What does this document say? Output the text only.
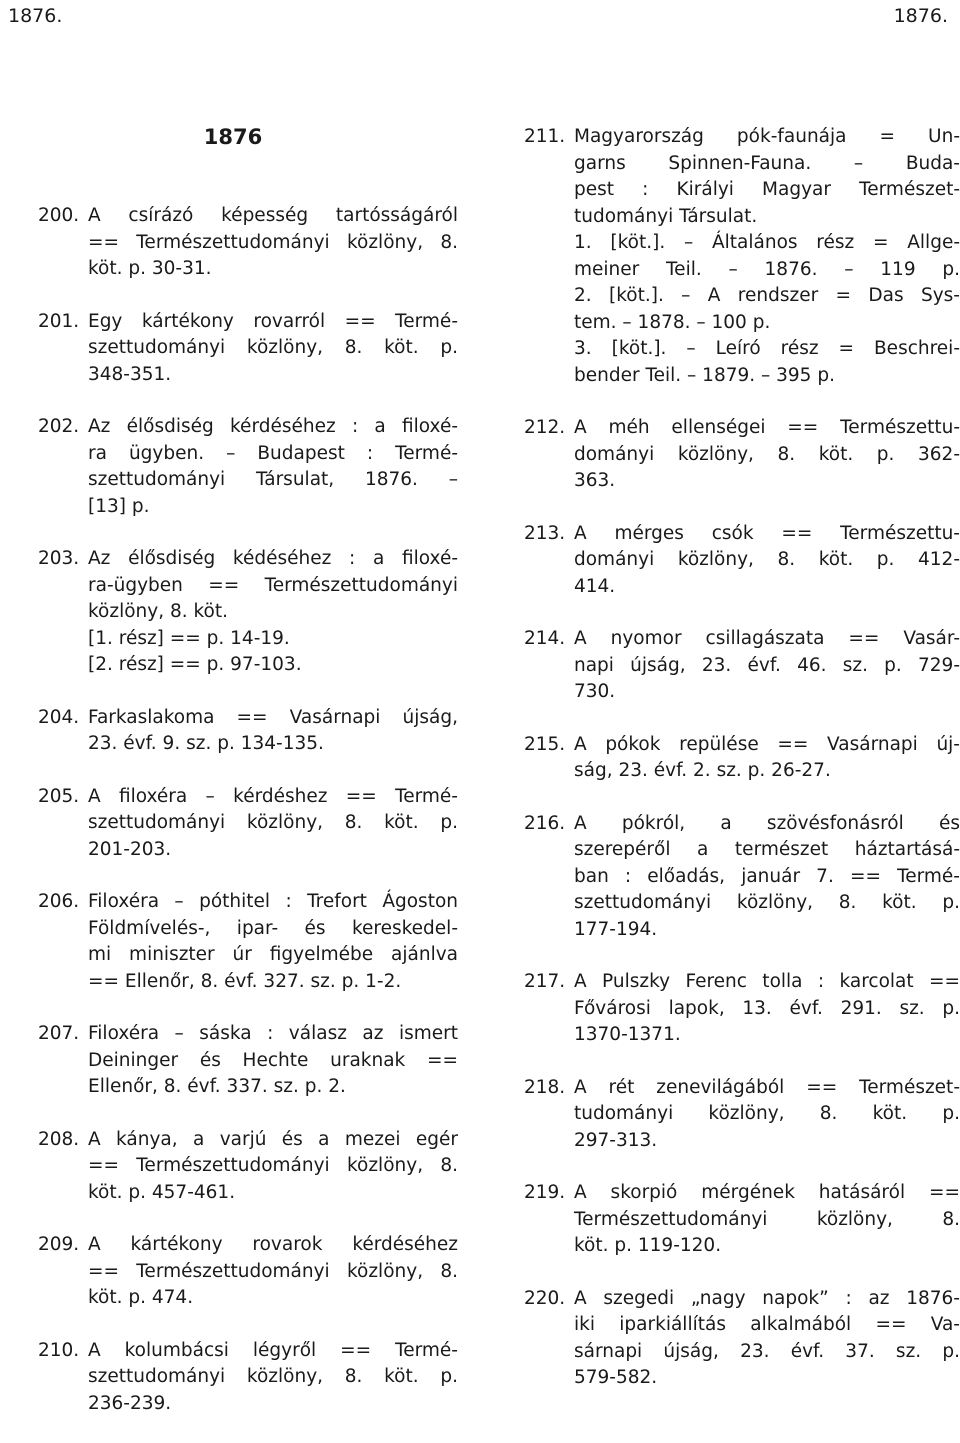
1876.	1876.
1876
200. A csírázó képesség tartósságáról
== Természettudományi közlöny, 8.
köt. p. 30-31.
201. Egy kártékony rovarról == Termé-
szettudományi közlöny, 8. köt. p.
348-351.
202. Az élősdiség kérdéséhez : a filoxé-
ra ügyben. – Budapest : Termé-
szettudományi Társulat, 1876. –
[13] p.
203. Az élősdiség kédéséhez : a filoxé-
ra-ügyben == Természettudományi
közlöny, 8. köt.
[1. rész] == p. 14-19.
[2. rész] == p. 97-103.
204. Farkaslakoma == Vasárnapi újság,
23. évf. 9. sz. p. 134-135.
205. A filoxéra – kérdéshez == Termé-
szettudományi közlöny, 8. köt. p.
201-203.
206. Filoxéra – póthitel : Trefort Ágoston
Földmívelés-, ipar- és kereskedel-
mi miniszter úr figyelmébe ajánlva
== Ellenőr, 8. évf. 327. sz. p. 1-2.
207. Filoxéra – sáska : válasz az ismert
Deininger és Hechte uraknak ==
Ellenőr, 8. évf. 337. sz. p. 2.
208. A kánya, a varjú és a mezei egér
== Természettudományi közlöny, 8.
köt. p. 457-461.
209. A kártékony rovarok kérdéséhez
== Természettudományi közlöny, 8.
köt. p. 474.
210. A kolumbácsi légyről == Termé-
szettudományi közlöny, 8. köt. p.
236-239.
211. Magyarország pók-faunája = Un-
garns Spinnen-Fauna. – Buda-
pest : Királyi Magyar Természet-
tudományi Társulat.
1. [köt.]. – Általános rész = Allge-
meiner Teil. – 1876. – 119 p.
2. [köt.]. – A rendszer = Das Sys-
tem. – 1878. – 100 p.
3. [köt.]. – Leíró rész = Beschrei-
bender Teil. – 1879. – 395 p.
212. A méh ellenségei == Természettu-
dományi közlöny, 8. köt. p. 362-
363.
213. A mérges csók == Természettu-
dományi közlöny, 8. köt. p. 412-
414.
214. A nyomor csillagászata == Vasár-
napi újság, 23. évf. 46. sz. p. 729-
730.
215. A pókok repülése == Vasárnapi új-
ság, 23. évf. 2. sz. p. 26-27.
216. A pókról, a szövésfonásról és
szerepéről a természet háztartásá-
ban : előadás, január 7. == Termé-
szettudományi közlöny, 8. köt. p.
177-194.
217. A Pulszky Ferenc tolla : karcolat ==
Fővárosi lapok, 13. évf. 291. sz. p.
1370-1371.
218. A rét zenevilágából == Természet-
tudományi közlöny, 8. köt. p.
297-313.
219. A skorpió mérgének hatásáról ==
Természettudományi közlöny, 8.
köt. p. 119-120.
220. A szegedi „nagy napok” : az 1876-
iki iparkiállítás alkalmából == Va-
sárnapi újság, 23. évf. 37. sz. p.
579-582.
